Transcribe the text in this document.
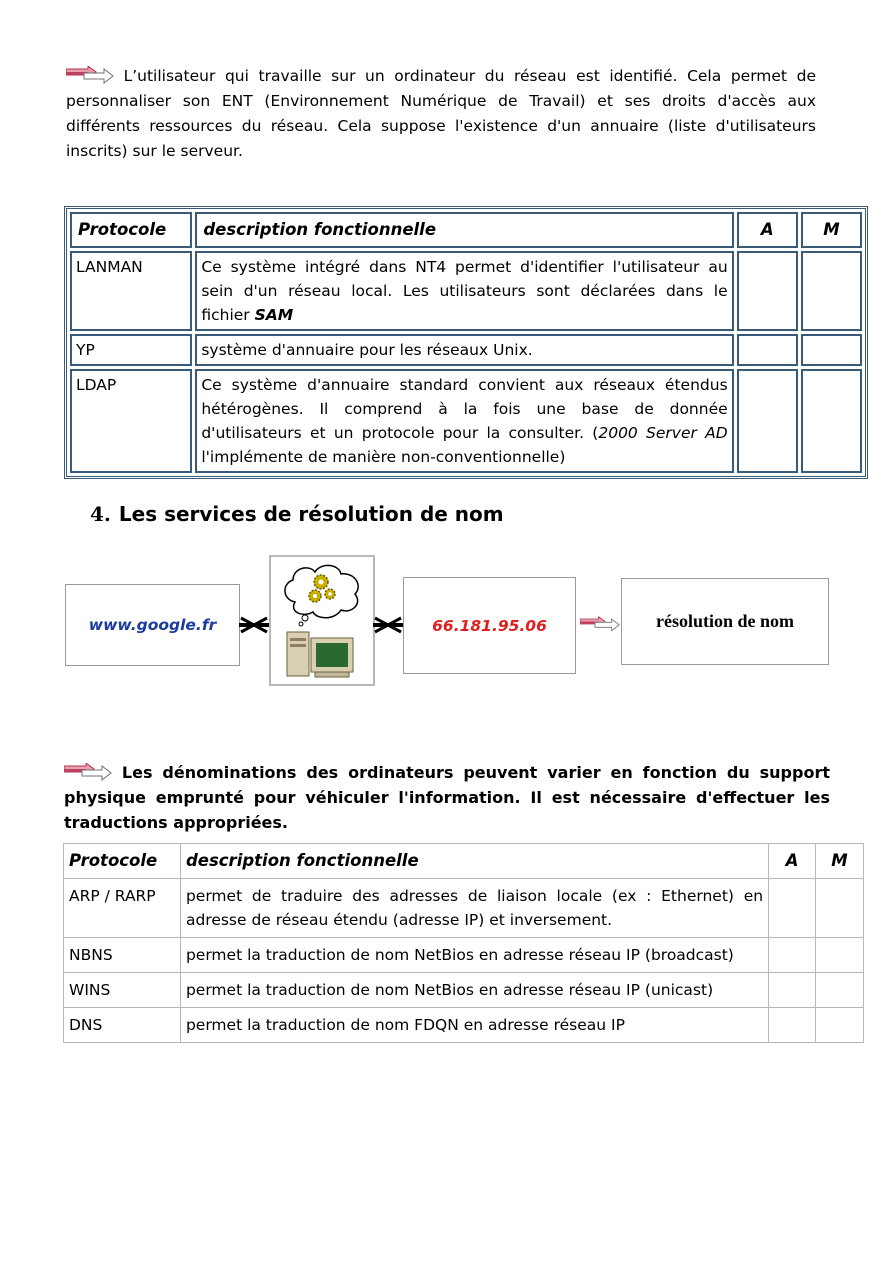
L’utilisateur qui travaille sur un ordinateur du réseau est identifié. Cela permet de personnaliser son ENT (Environnement Numérique de Travail) et ses droits d'accès aux différents ressources du réseau. Cela suppose l'existence d'un annuaire (liste d'utilisateurs inscrits) sur le serveur.
Protocole	description fonctionnelle	A	M
LANMAN	Ce système intégré dans NT4 permet d'identifier l'utilisateur au sein d'un réseau local. Les utilisateurs sont déclarées dans le fichier SAM		
YP	système d'annuaire pour les réseaux Unix.		
LDAP	Ce système d'annuaire standard convient aux réseaux étendus hétérogènes. Il comprend à la fois une base de donnée d'utilisateurs et un protocole pour la consulter. (2000 Server AD l'implémente de manière non-conventionnelle)		
4. Les services de résolution de nom
www.google.fr	66.181.95.06	résolution de nom
Les dénominations des ordinateurs peuvent varier en fonction du support physique emprunté pour véhiculer l'information. Il est nécessaire d'effectuer les traductions appropriées.
Protocole	description fonctionnelle	A	M
ARP / RARP	permet de traduire des adresses de liaison locale (ex : Ethernet) en adresse de réseau étendu (adresse IP) et inversement.		
NBNS	permet la traduction de nom NetBios en adresse réseau IP (broadcast)		
WINS	permet la traduction de nom NetBios en adresse réseau IP (unicast)		
DNS	permet la traduction de nom FDQN en adresse réseau IP		
